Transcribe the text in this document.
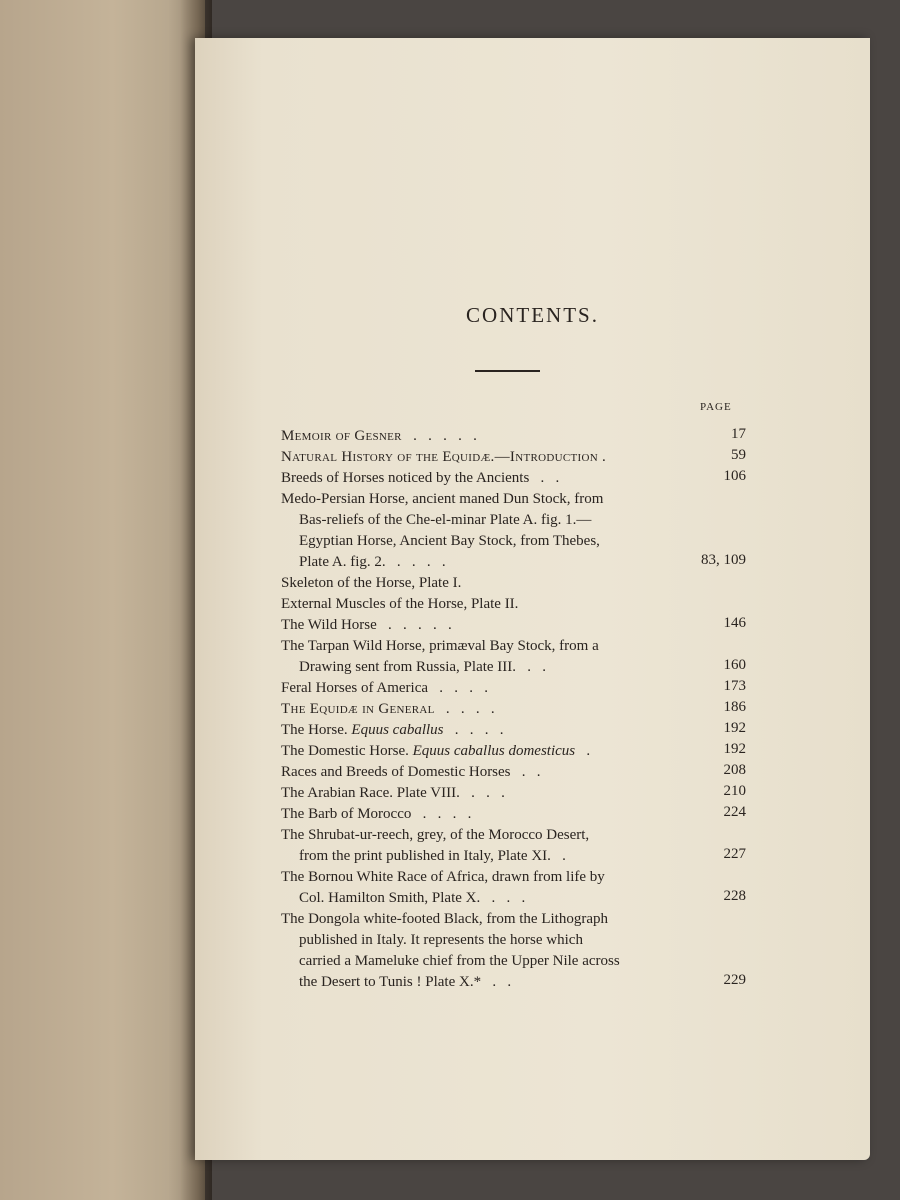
CONTENTS.
PAGE
Memoir of Gesner   .   .   .   .   .	17
Natural History of the Equidæ.—Introduction .	59
Breeds of Horses noticed by the Ancients   .   .	106
Medo-Persian Horse, ancient maned Dun Stock, from
Bas-reliefs of the Che-el-minar Plate A. fig. 1.—
Egyptian Horse, Ancient Bay Stock, from Thebes,
Plate A. fig. 2.   .   .   .   .	83, 109
Skeleton of the Horse, Plate I.
External Muscles of the Horse, Plate II.
The Wild Horse   .   .   .   .   .	146
The Tarpan Wild Horse, primæval Bay Stock, from a
Drawing sent from Russia, Plate III.   .   .	160
Feral Horses of America   .   .   .   .	173
The Equidæ in General   .   .   .   .	186
The Horse. Equus caballus   .   .   .   .	192
The Domestic Horse. Equus caballus domesticus   .	192
Races and Breeds of Domestic Horses   .   .	208
The Arabian Race. Plate VIII.   .   .   .	210
The Barb of Morocco   .   .   .   .	224
The Shrubat-ur-reech, grey, of the Morocco Desert,
from the print published in Italy, Plate XI.   .	227
The Bornou White Race of Africa, drawn from life by
Col. Hamilton Smith, Plate X.   .   .   .	228
The Dongola white-footed Black, from the Lithograph
published in Italy. It represents the horse which
carried a Mameluke chief from the Upper Nile across
the Desert to Tunis ! Plate X.*   .   .	229
